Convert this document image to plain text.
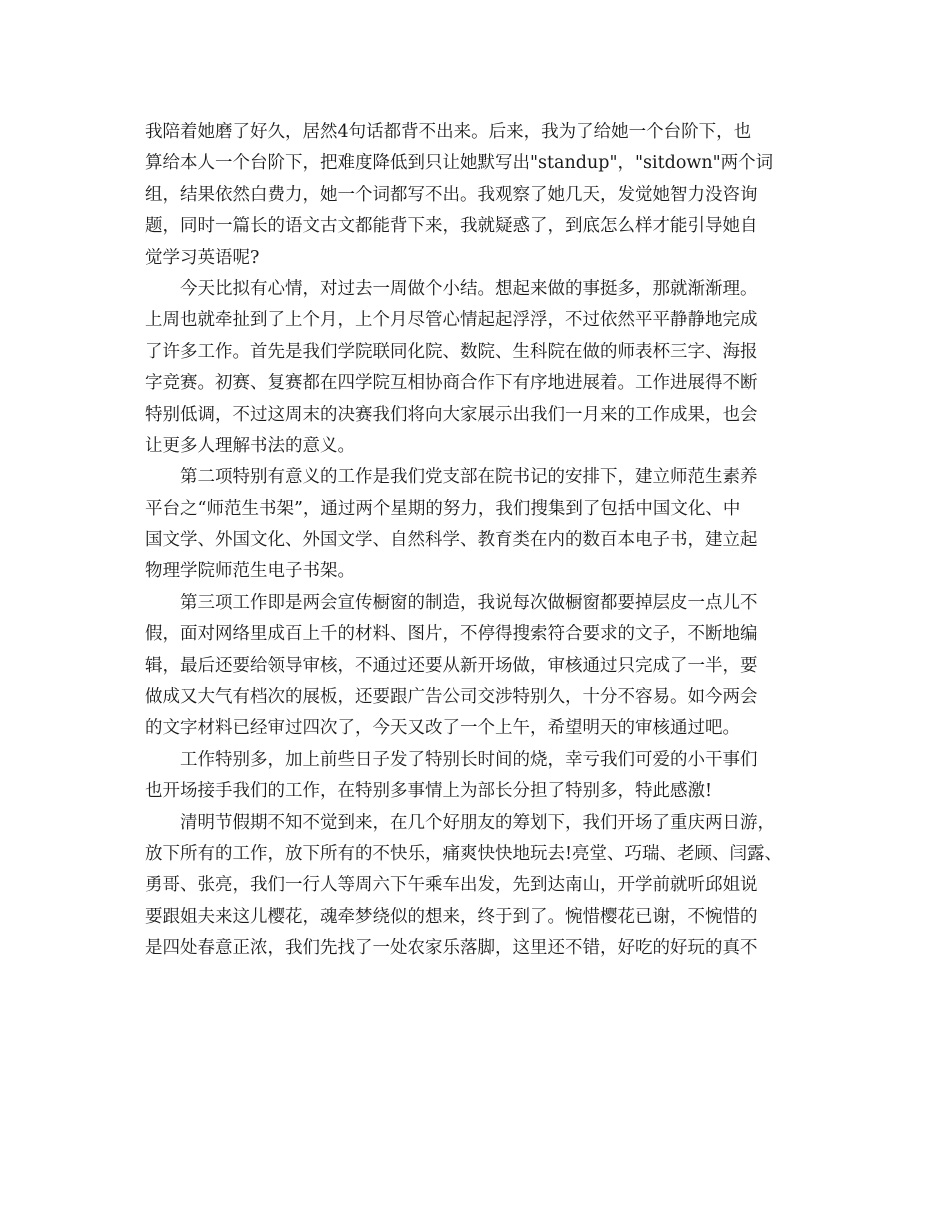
我陪着她磨了好久，居然4句话都背不出来。后来，我为了给她一个台阶下，也
算给本人一个台阶下，把难度降低到只让她默写出"standup"，"sitdown"两个词
组，结果依然白费力，她一个词都写不出。我观察了她几天，发觉她智力没咨询
题，同时一篇长的语文古文都能背下来，我就疑惑了，到底怎么样才能引导她自
觉学习英语呢?
今天比拟有心情，对过去一周做个小结。想起来做的事挺多，那就渐渐理。
上周也就牵扯到了上个月，上个月尽管心情起起浮浮，不过依然平平静静地完成
了许多工作。首先是我们学院联同化院、数院、生科院在做的师表杯三字、海报
字竞赛。初赛、复赛都在四学院互相协商合作下有序地进展着。工作进展得不断
特别低调，不过这周末的决赛我们将向大家展示出我们一月来的工作成果，也会
让更多人理解书法的意义。
第二项特别有意义的工作是我们党支部在院书记的安排下，建立师范生素养
平台之“师范生书架”，通过两个星期的努力，我们搜集到了包括中国文化、中
国文学、外国文化、外国文学、自然科学、教育类在内的数百本电子书，建立起
物理学院师范生电子书架。
第三项工作即是两会宣传橱窗的制造，我说每次做橱窗都要掉层皮一点儿不
假，面对网络里成百上千的材料、图片，不停得搜索符合要求的文子，不断地编
辑，最后还要给领导审核，不通过还要从新开场做，审核通过只完成了一半，要
做成又大气有档次的展板，还要跟广告公司交涉特别久，十分不容易。如今两会
的文字材料已经审过四次了，今天又改了一个上午，希望明天的审核通过吧。
工作特别多，加上前些日子发了特别长时间的烧，幸亏我们可爱的小干事们
也开场接手我们的工作，在特别多事情上为部长分担了特别多，特此感激!
清明节假期不知不觉到来，在几个好朋友的筹划下，我们开场了重庆两日游，
放下所有的工作，放下所有的不快乐，痛爽快快地玩去!亮堂、巧瑞、老顾、闫露、
勇哥、张亮，我们一行人等周六下午乘车出发，先到达南山，开学前就听邱姐说
要跟姐夫来这儿樱花，魂牵梦绕似的想来，终于到了。惋惜樱花已谢，不惋惜的
是四处春意正浓，我们先找了一处农家乐落脚，这里还不错，好吃的好玩的真不
